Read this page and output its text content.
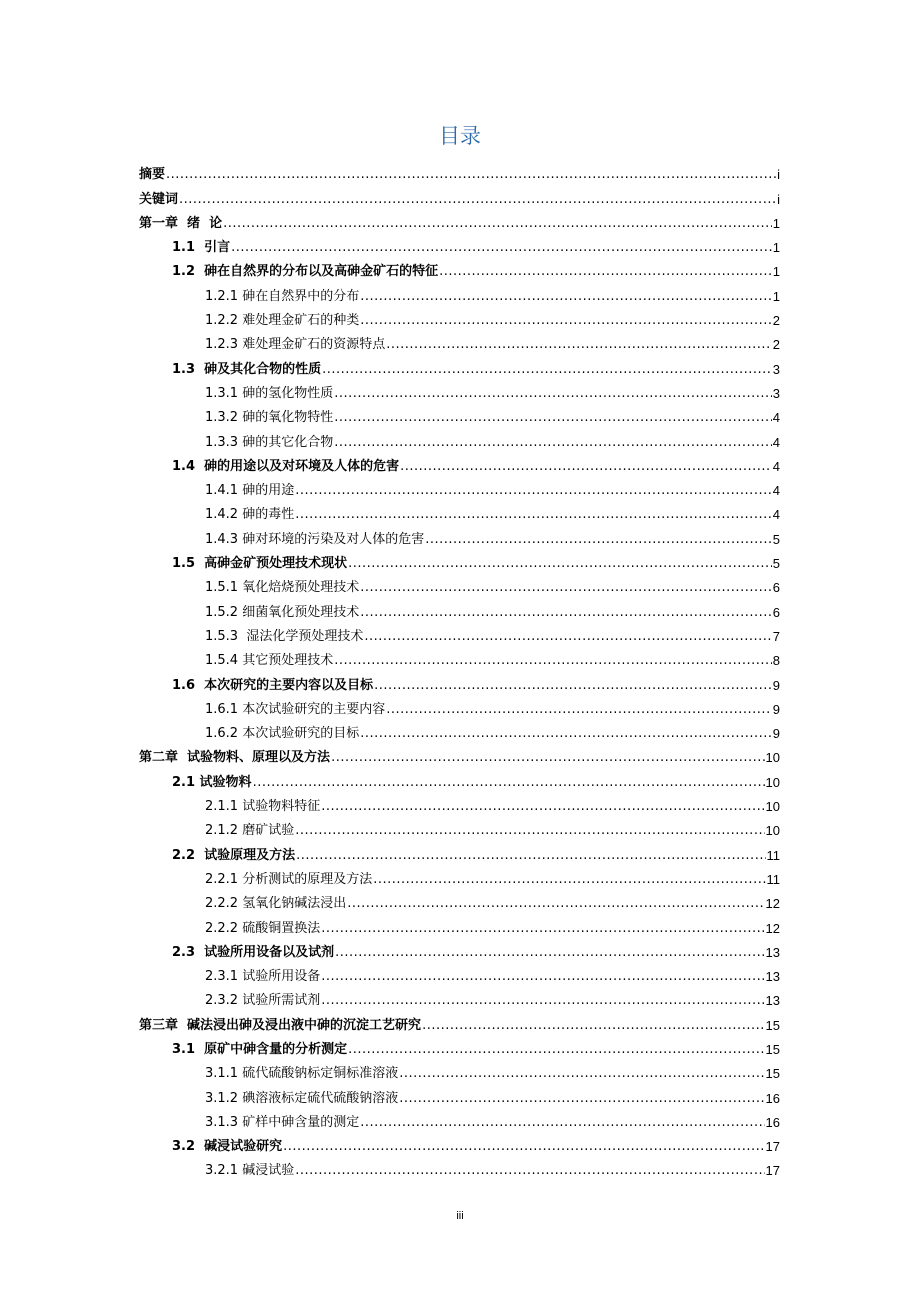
目录
摘要 .....	i
关键词 .....	i
第一章  绪  论 .....	1
1.1  引言 .....	1
1.2  砷在自然界的分布以及高砷金矿石的特征 .....	1
1.2.1 砷在自然界中的分布 .....	1
1.2.2 难处理金矿石的种类 .....	2
1.2.3 难处理金矿石的资源特点 .....	2
1.3  砷及其化合物的性质 .....	3
1.3.1 砷的氢化物性质 .....	3
1.3.2 砷的氧化物特性 .....	4
1.3.3 砷的其它化合物 .....	4
1.4  砷的用途以及对环境及人体的危害 .....	4
1.4.1 砷的用途 .....	4
1.4.2 砷的毒性 .....	4
1.4.3 砷对环境的污染及对人体的危害 .....	5
1.5  高砷金矿预处理技术现状 .....	5
1.5.1 氧化焙烧预处理技术 .....	6
1.5.2 细菌氧化预处理技术 .....	6
1.5.3  湿法化学预处理技术 .....	7
1.5.4 其它预处理技术 .....	8
1.6  本次研究的主要内容以及目标 .....	9
1.6.1 本次试验研究的主要内容 .....	9
1.6.2 本次试验研究的目标 .....	9
第二章  试验物料、原理以及方法 .....	10
2.1 试验物料 .....	10
2.1.1 试验物料特征 .....	10
2.1.2 磨矿试验 .....	10
2.2  试验原理及方法 .....	11
2.2.1 分析测试的原理及方法 .....	11
2.2.2 氢氧化钠碱法浸出 .....	12
2.2.2 硫酸铜置换法 .....	12
2.3  试验所用设备以及试剂 .....	13
2.3.1 试验所用设备 .....	13
2.3.2 试验所需试剂 .....	13
第三章  碱法浸出砷及浸出液中砷的沉淀工艺研究 .....	15
3.1  原矿中砷含量的分析测定 .....	15
3.1.1 硫代硫酸钠标定铜标准溶液 .....	15
3.1.2 碘溶液标定硫代硫酸钠溶液 .....	16
3.1.3 矿样中砷含量的测定 .....	16
3.2  碱浸试验研究 .....	17
3.2.1 碱浸试验 .....	17
iii
